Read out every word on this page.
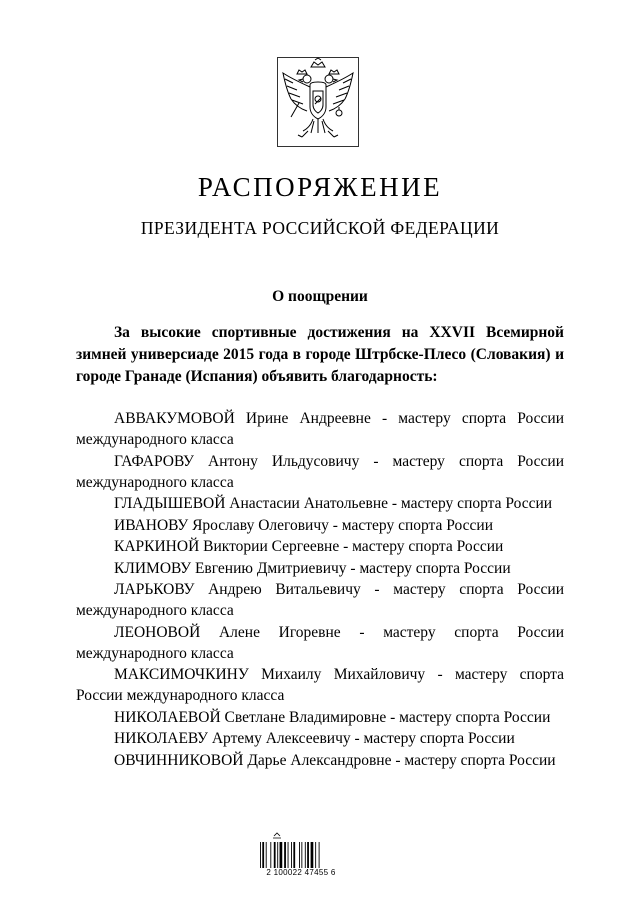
РАСПОРЯЖЕНИЕ
ПРЕЗИДЕНТА РОССИЙСКОЙ ФЕДЕРАЦИИ
О поощрении

За высокие спортивные достижения на XXVII Всемирной зимней универсиаде 2015 года в городе Штрбске-Плесо (Словакия) и городе Гранаде (Испания) объявить благодарность:

АВВАКУМОВОЙ Ирине Андреевне - мастеру спорта России международного класса
ГАФАРОВУ Антону Ильдусовичу - мастеру спорта России международного класса
ГЛАДЫШЕВОЙ Анастасии Анатольевне - мастеру спорта России
ИВАНОВУ Ярославу Олеговичу - мастеру спорта России
КАРКИНОЙ Виктории Сергеевне - мастеру спорта России
КЛИМОВУ Евгению Дмитриевичу - мастеру спорта России
ЛАРЬКОВУ Андрею Витальевичу - мастеру спорта России международного класса
ЛЕОНОВОЙ Алене Игоревне - мастеру спорта России международного класса
МАКСИМОЧКИНУ Михаилу Михайловичу - мастеру спорта России международного класса
НИКОЛАЕВОЙ Светлане Владимировне - мастеру спорта России
НИКОЛАЕВУ Артему Алексеевичу - мастеру спорта России
ОВЧИННИКОВОЙ Дарье Александровне - мастеру спорта России
2 100022 47455 6
